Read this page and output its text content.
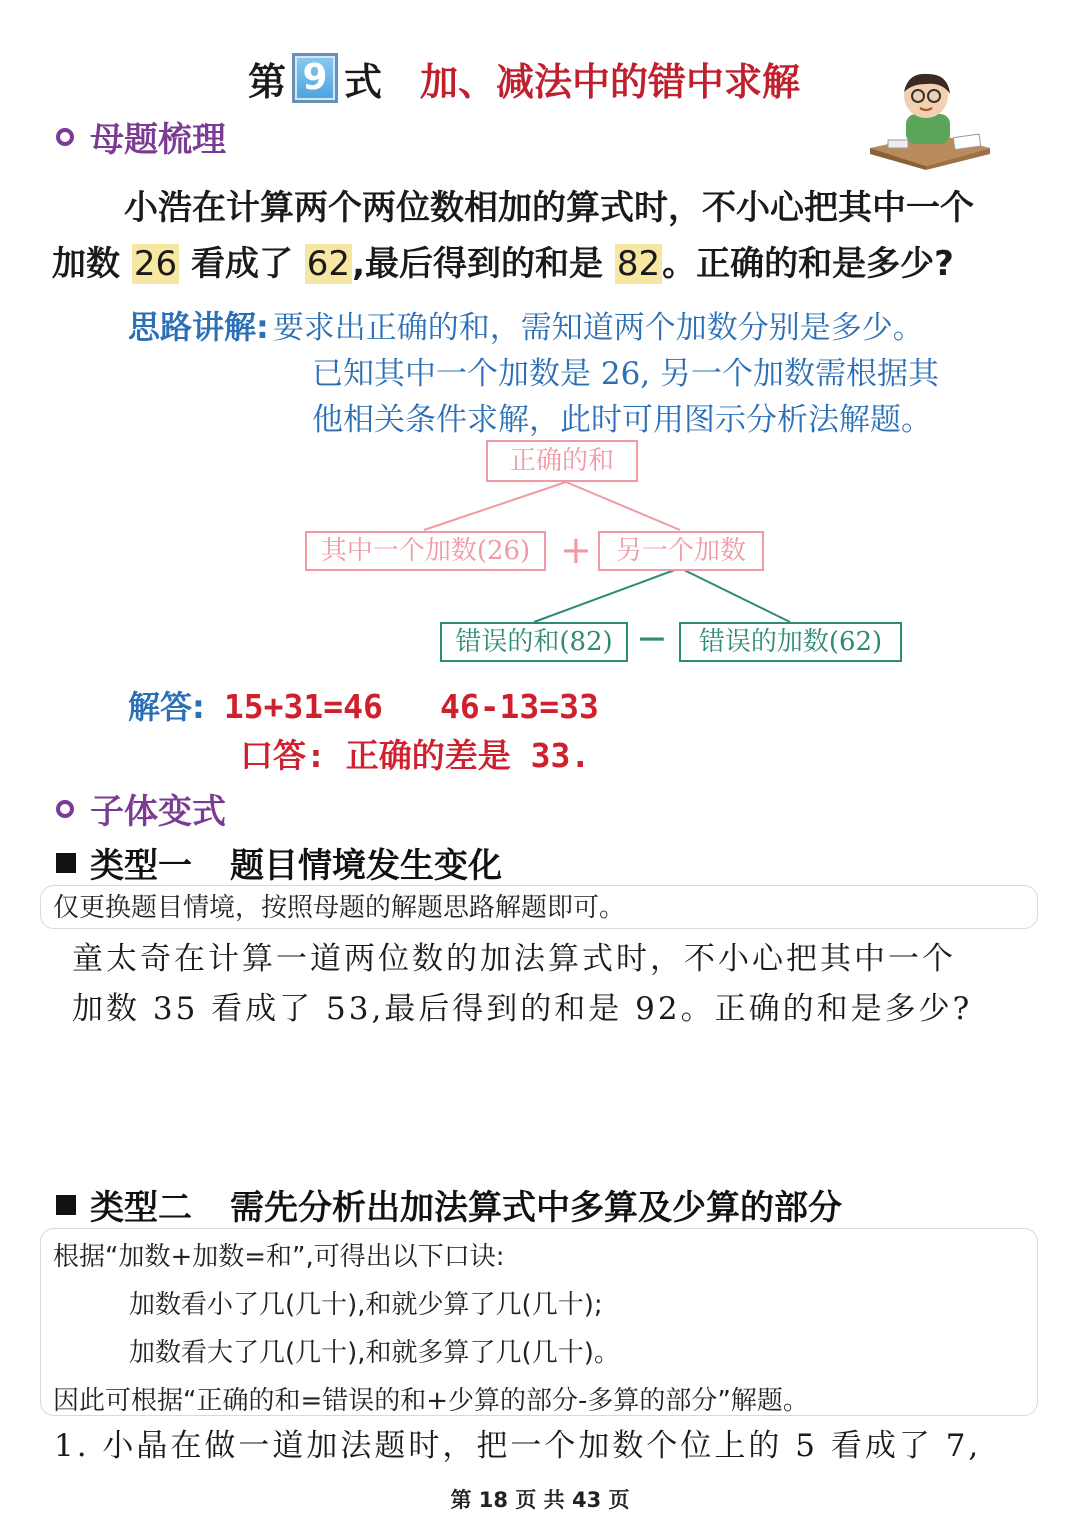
第 9 式 加、减法中的错中求解
母题梳理
小浩在计算两个两位数相加的算式时，不小心把其中一个
加数 26 看成了 62,最后得到的和是 82。正确的和是多少?
思路讲解: 要求出正确的和，需知道两个加数分别是多少。
已知其中一个加数是 26, 另一个加数需根据其
他相关条件求解，此时可用图示分析法解题。
正确的和
其中一个加数(26) + 另一个加数
错误的和(82) −	错误的加数(62)
解答: 15+31=46 46-13=33
口答: 正确的差是 33.
子体变式
类型一 题目情境发生变化
仅更换题目情境，按照母题的解题思路解题即可。
童太奇在计算一道两位数的加法算式时，不小心把其中一个
加数 35 看成了 53,最后得到的和是 92。正确的和是多少?
类型二 需先分析出加法算式中多算及少算的部分
根据“加数+加数=和”,可得出以下口诀:
加数看小了几(几十),和就少算了几(几十);
加数看大了几(几十),和就多算了几(几十)。
因此可根据“正确的和=错误的和+少算的部分-多算的部分”解题。
1. 小晶在做一道加法题时，把一个加数个位上的 5 看成了 7,
第 18 页 共 43 页
